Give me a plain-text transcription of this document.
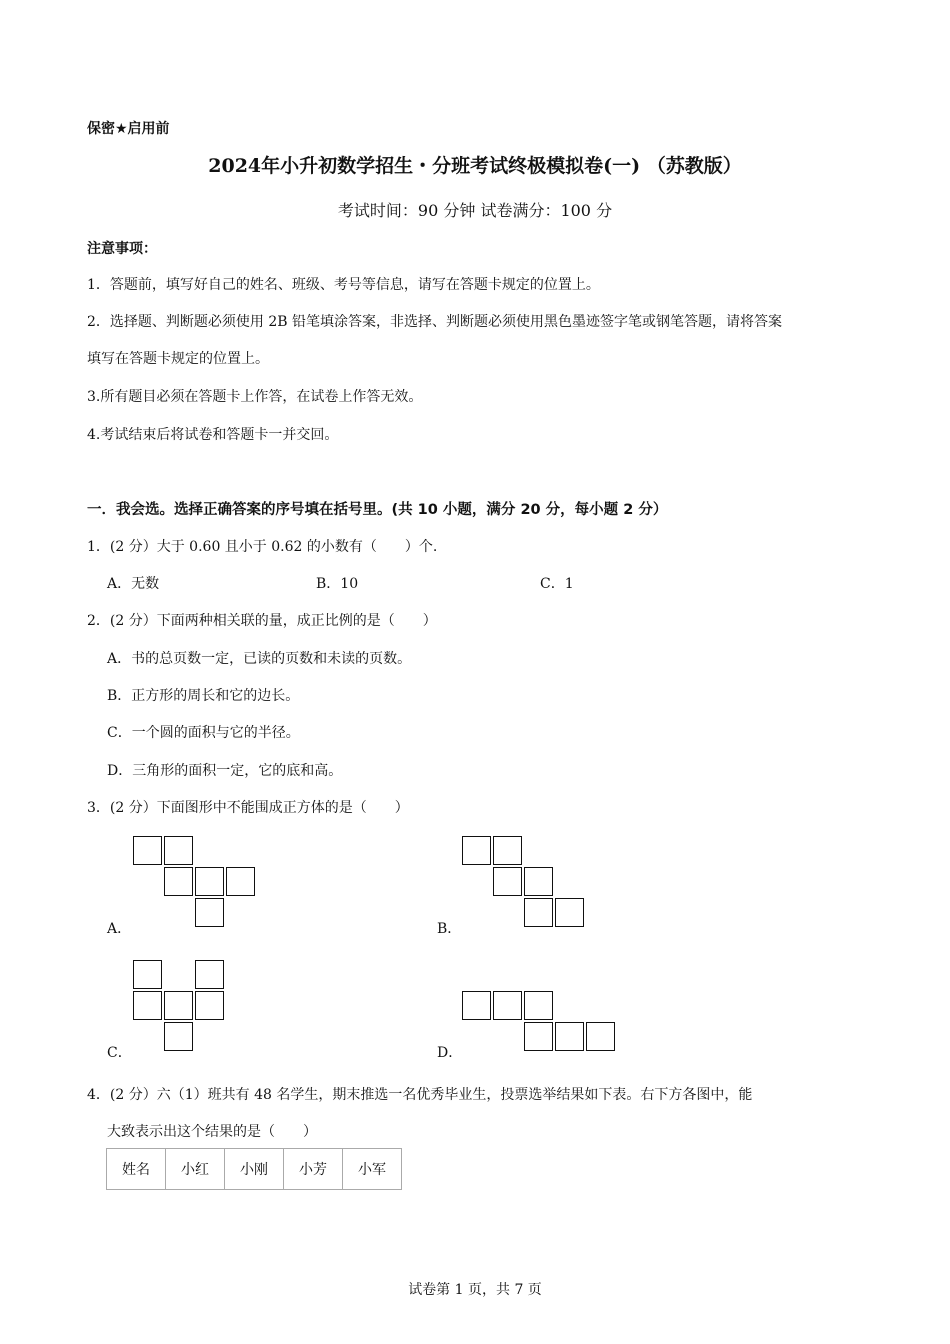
保密★启用前
2024年小升初数学招生・分班考试终极模拟卷(一) （苏教版）
考试时间：90 分钟 试卷满分：100 分
注意事项：
1．答题前，填写好自己的姓名、班级、考号等信息，请写在答题卡规定的位置上。
2．选择题、判断题必须使用 2B 铅笔填涂答案，非选择、判断题必须使用黑色墨迹签字笔或钢笔答题，请将答案
填写在答题卡规定的位置上。
3.所有题目必须在答题卡上作答，在试卷上作答无效。
4.考试结束后将试卷和答题卡一并交回。
一．我会选。选择正确答案的序号填在括号里。(共 10 小题，满分 20 分，每小题 2 分）
1．(2 分）大于 0.60 且小于 0.62 的小数有（　　）个.
A．无数	B．10	C．1
2．(2 分）下面两种相关联的量，成正比例的是（　　）
A．书的总页数一定，已读的页数和未读的页数。
B．正方形的周长和它的边长。
C．一个圆的面积与它的半径。
D．三角形的面积一定，它的底和高。
3．(2 分）下面图形中不能围成正方体的是（　　）
A．	B．
C．	D．
4．(2 分）六（1）班共有 48 名学生，期末推选一名优秀毕业生，投票选举结果如下表。右下方各图中，能
大致表示出这个结果的是（　　）
姓名	小红	小刚	小芳	小军
试卷第 1 页，共 7 页
